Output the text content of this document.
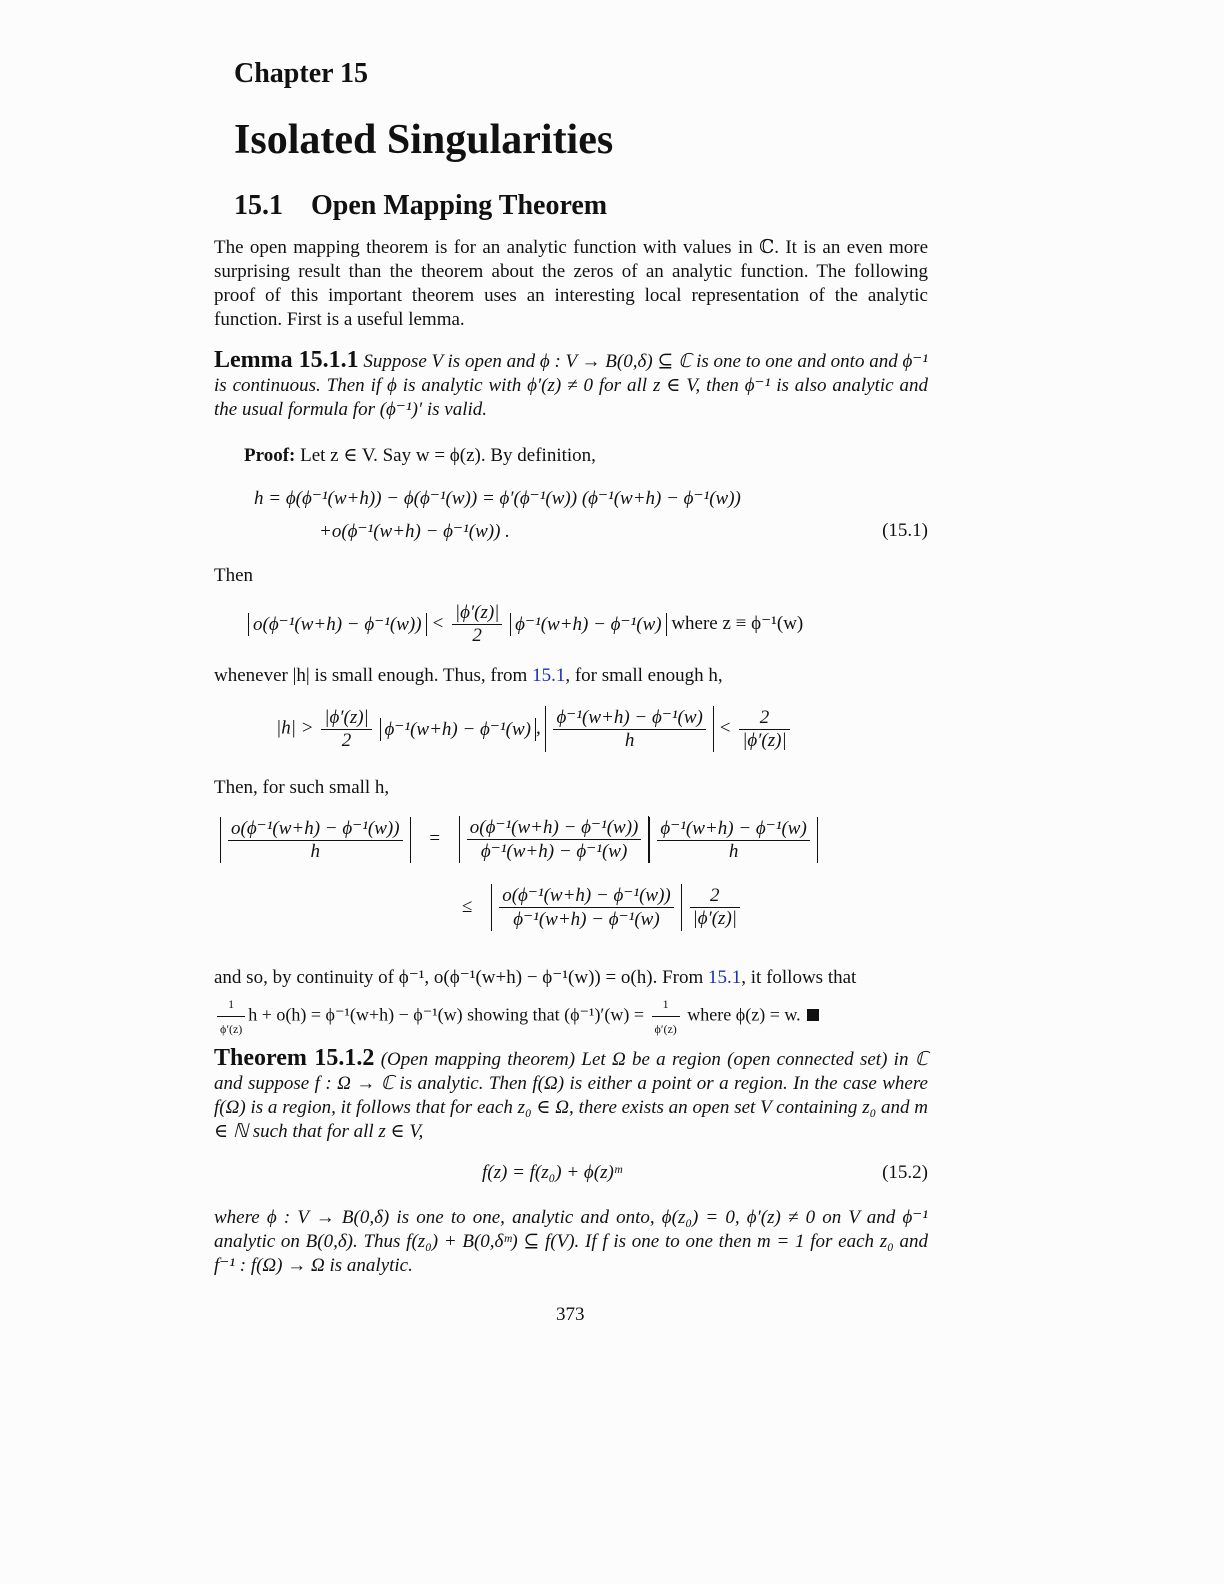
Chapter 15
Isolated Singularities
15.1 Open Mapping Theorem
The open mapping theorem is for an analytic function with values in ℂ. It is an even more surprising result than the theorem about the zeros of an analytic function. The following proof of this important theorem uses an interesting local representation of the analytic function. First is a useful lemma.
Lemma 15.1.1 Suppose V is open and ϕ : V → B(0,δ) ⊆ ℂ is one to one and onto and ϕ⁻¹ is continuous. Then if ϕ is analytic with ϕ′(z) ≠ 0 for all z ∈ V, then ϕ⁻¹ is also analytic and the usual formula for (ϕ⁻¹)′ is valid.
Proof: Let z ∈ V. Say w = ϕ(z). By definition,
h = ϕ(ϕ⁻¹(w+h)) − ϕ(ϕ⁻¹(w)) = ϕ′(ϕ⁻¹(w)) (ϕ⁻¹(w+h) − ϕ⁻¹(w))
+o(ϕ⁻¹(w+h) − ϕ⁻¹(w)) .	(15.1)
Then
$o(\phi^{-1}(w+h) - \phi^{-1}(w)) < \frac{|\phi'(z)|}{2} \phi^{-1}(w+h) - \phi^{-1}(w)$ where z ≡ ϕ⁻¹(w)
whenever |h| is small enough. Thus, from 15.1, for small enough h,
$|h| > \frac{|\phi'(z)|}{2} \phi^{-1}(w+h) - \phi^{-1}(w)$ , $\frac{\text{ϕ⁻¹(w+h) − ϕ⁻¹(w)}}{h} < \frac{2}{|\phi'(z)|}$
Then, for such small h,
$\frac{\text{o(ϕ⁻¹(w+h) − ϕ⁻¹(w))}}{h} = \frac{\text{o(ϕ⁻¹(w+h) − ϕ⁻¹(w))}}{\text{ϕ⁻¹(w+h) − ϕ⁻¹(w)}} \frac{\text{ϕ⁻¹(w+h) − ϕ⁻¹(w)}}{h}$
≤ $\frac{\text{o(ϕ⁻¹(w+h) − ϕ⁻¹(w))}}{\text{ϕ⁻¹(w+h) − ϕ⁻¹(w)}}$
$\frac{2}{|\phi'(z)|}$
and so, by continuity of ϕ⁻¹, o(ϕ⁻¹(w+h) − ϕ⁻¹(w)) = o(h). From 15.1, it follows that
$\frac{1}{\phi'(z)}$ h + o(h) = ϕ⁻¹(w+h) − ϕ⁻¹(w) showing that $(\phi^{-1})'(w) = \frac{1}{\phi'(z)}$ where ϕ(z) = w.
Theorem 15.1.2 (Open mapping theorem) Let Ω be a region (open connected set) in ℂ and suppose f : Ω → ℂ is analytic. Then f(Ω) is either a point or a region. In the case where f(Ω) is a region, it follows that for each z₀ ∈ Ω, there exists an open set V containing z₀ and m ∈ ℕ such that for all z ∈ V,
f(z) = f(z₀) + ϕ(z)ᵐ	(15.2)
where ϕ : V → B(0,δ) is one to one, analytic and onto, ϕ(z₀) = 0, ϕ′(z) ≠ 0 on V and ϕ⁻¹ analytic on B(0,δ). Thus f(z₀) + B(0,δᵐ) ⊆ f(V). If f is one to one then m = 1 for each z₀ and f⁻¹ : f(Ω) → Ω is analytic.
373
